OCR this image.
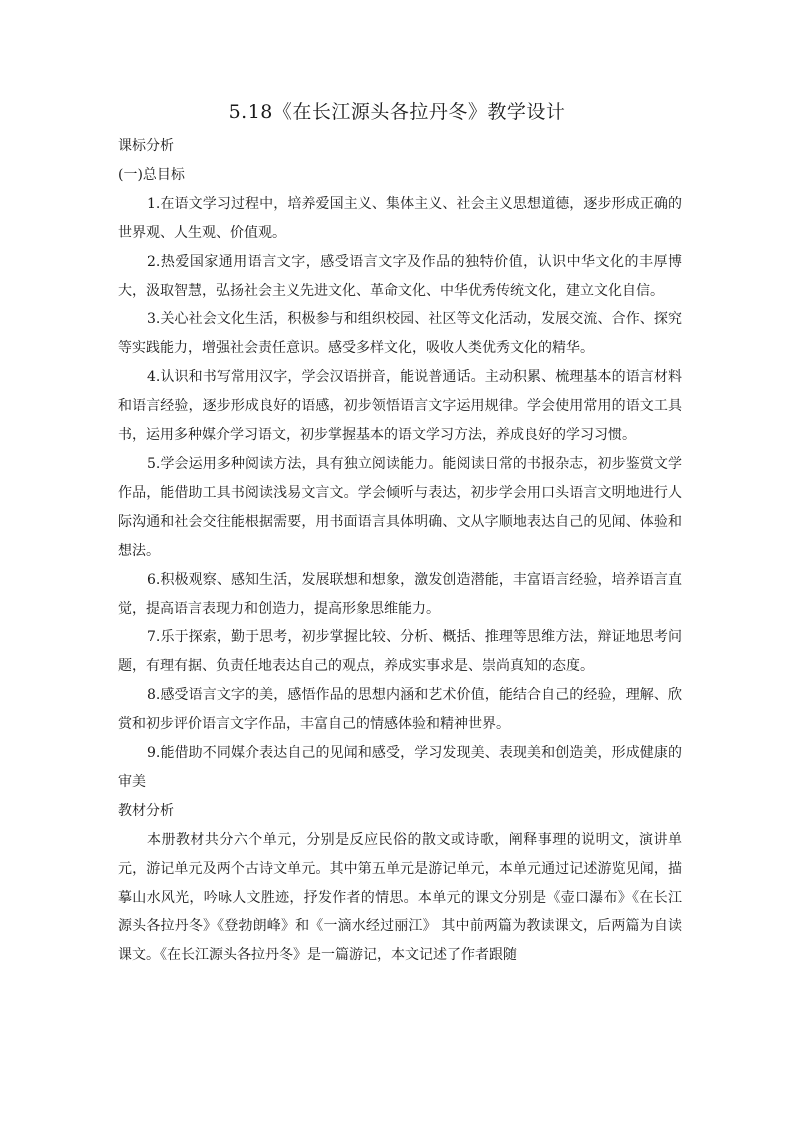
5.18《在长江源头各拉丹冬》教学设计

课标分析

(一)总目标

1.在语文学习过程中，培养爱国主义、集体主义、社会主义思想道德，逐步形成正确的世界观、人生观、价值观。

2.热爱国家通用语言文字，感受语言文字及作品的独特价值，认识中华文化的丰厚博大，汲取智慧，弘扬社会主义先进文化、革命文化、中华优秀传统文化，建立文化自信。

3.关心社会文化生活，积极参与和组织校园、社区等文化活动，发展交流、合作、探究等实践能力，增强社会责任意识。感受多样文化，吸收人类优秀文化的精华。

4.认识和书写常用汉字，学会汉语拼音，能说普通话。主动积累、梳理基本的语言材料和语言经验，逐步形成良好的语感，初步领悟语言文字运用规律。学会使用常用的语文工具书，运用多种媒介学习语文，初步掌握基本的语文学习方法，养成良好的学习习惯。

5.学会运用多种阅读方法，具有独立阅读能力。能阅读日常的书报杂志，初步鉴赏文学作品，能借助工具书阅读浅易文言文。学会倾听与表达，初步学会用口头语言文明地进行人际沟通和社会交往能根据需要，用书面语言具体明确、文从字顺地表达自己的见闻、体验和想法。

6.积极观察、感知生活，发展联想和想象，激发创造潜能，丰富语言经验，培养语言直觉，提高语言表现力和创造力，提高形象思维能力。

7.乐于探索，勤于思考，初步掌握比较、分析、概括、推理等思维方法，辩证地思考问题，有理有据、负责任地表达自己的观点，养成实事求是、崇尚真知的态度。

8.感受语言文字的美，感悟作品的思想内涵和艺术价值，能结合自己的经验，理解、欣赏和初步评价语言文字作品，丰富自己的情感体验和精神世界。

9.能借助不同媒介表达自己的见闻和感受，学习发现美、表现美和创造美，形成健康的审美

教材分析

本册教材共分六个单元，分别是反应民俗的散文或诗歌，阐释事理的说明文，演讲单元，游记单元及两个古诗文单元。其中第五单元是游记单元，本单元通过记述游览见闻，描摹山水风光，吟咏人文胜迹，抒发作者的情思。本单元的课文分别是《壶口瀑布》《在长江源头各拉丹冬》《登勃朗峰》和《一滴水经过丽江》 其中前两篇为教读课文，后两篇为自读课文。《在长江源头各拉丹冬》是一篇游记，本文记述了作者跟随
